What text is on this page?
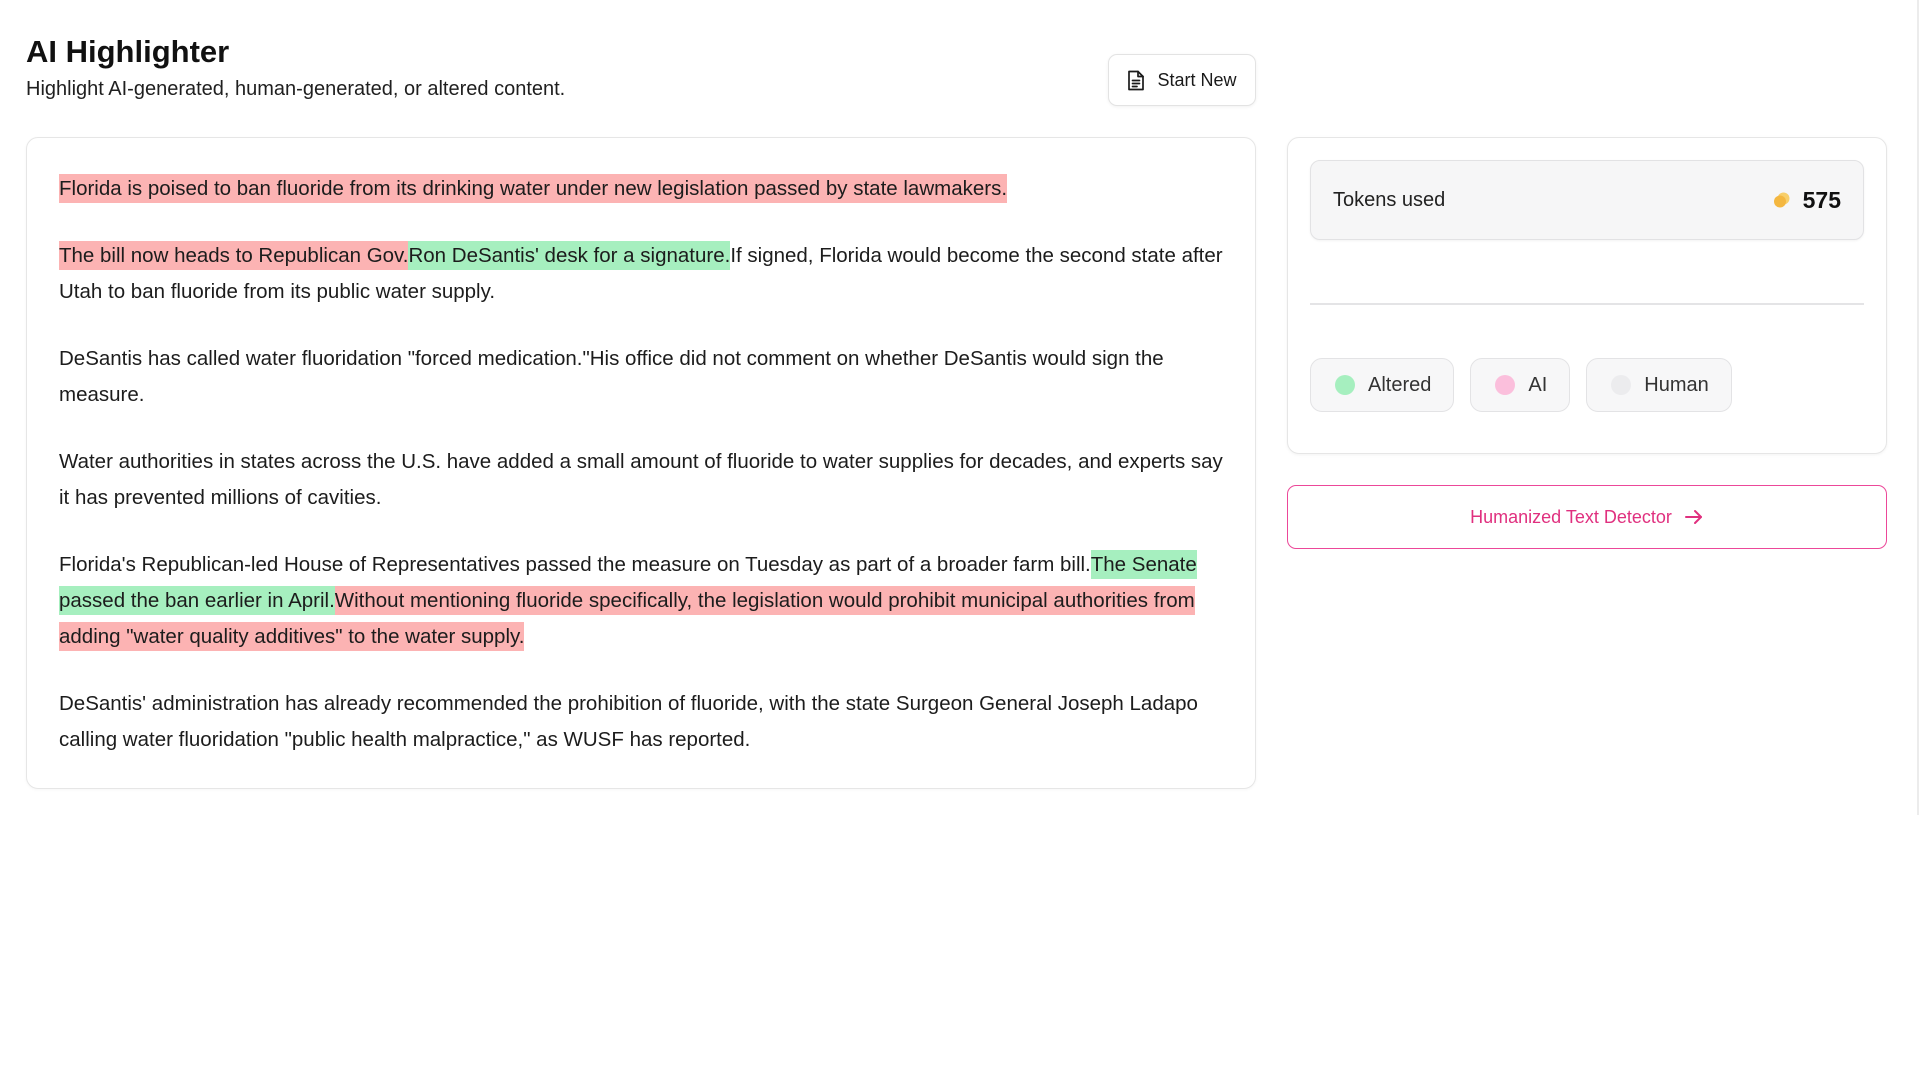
AI Highlighter

Highlight AI-generated, human-generated, or altered content.	Start New

Florida is poised to ban fluoride from its drinking water under new legislation passed by state lawmakers.

The bill now heads to Republican Gov.Ron DeSantis' desk for a signature.If signed, Florida would become the second state after Utah to ban fluoride from its public water supply.

DeSantis has called water fluoridation "forced medication."His office did not comment on whether DeSantis would sign the measure.

Water authorities in states across the U.S. have added a small amount of fluoride to water supplies for decades, and experts say it has prevented millions of cavities.

Florida's Republican-led House of Representatives passed the measure on Tuesday as part of a broader farm bill.The Senate passed the ban earlier in April.Without mentioning fluoride specifically, the legislation would prohibit municipal authorities from adding "water quality additives" to the water supply.

DeSantis' administration has already recommended the prohibition of fluoride, with the state Surgeon General Joseph Ladapo calling water fluoridation "public health malpractice," as WUSF has reported.

Tokens used	575
Altered	AI	Human
Humanized Text Detector
